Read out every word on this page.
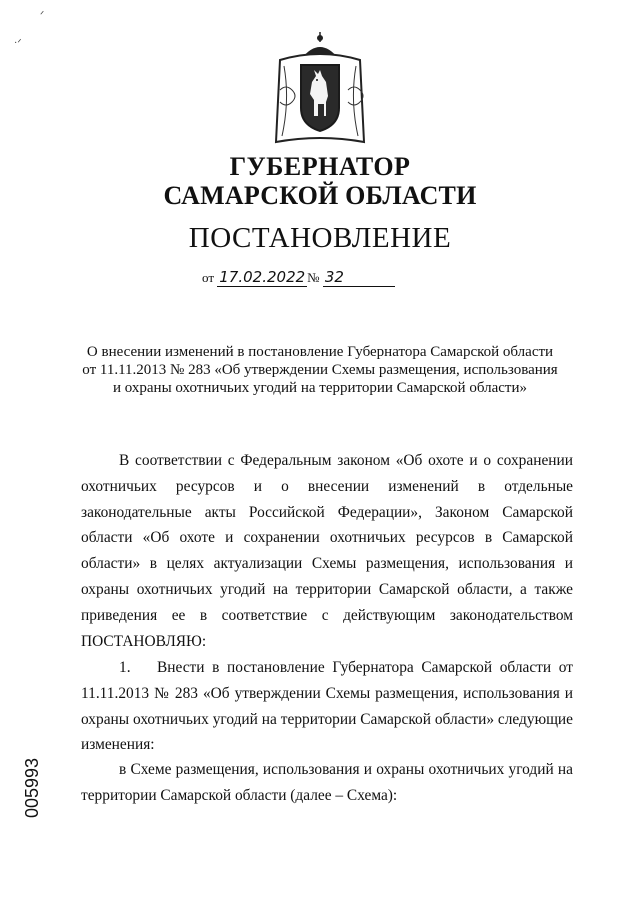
ГУБЕРНАТОР
САМАРСКОЙ ОБЛАСТИ
ПОСТАНОВЛЕНИЕ
от 17.02.2022 № 32
О внесении изменений в постановление Губернатора Самарской области
от 11.11.2013 № 283 «Об утверждении Схемы размещения, использования
и охраны охотничьих угодий на территории Самарской области»
В соответствии с Федеральным законом «Об охоте и о сохранении охотничьих ресурсов и о внесении изменений в отдельные законодательные акты Российской Федерации», Законом Самарской области «Об охоте и сохранении охотничьих ресурсов в Самарской области» в целях актуализации Схемы размещения, использования и охраны охотничьих угодий на территории Самарской области, а также приведения ее в соответствие с действующим законодательством ПОСТАНОВЛЯЮ:
1. Внести в постановление Губернатора Самарской области от 11.11.2013 № 283 «Об утверждении Схемы размещения, использования и охраны охотничьих угодий на территории Самарской области» следующие изменения:
в Схеме размещения, использования и охраны охотничьих угодий на территории Самарской области (далее – Схема):
005993
ᐟ
·ᐟ
